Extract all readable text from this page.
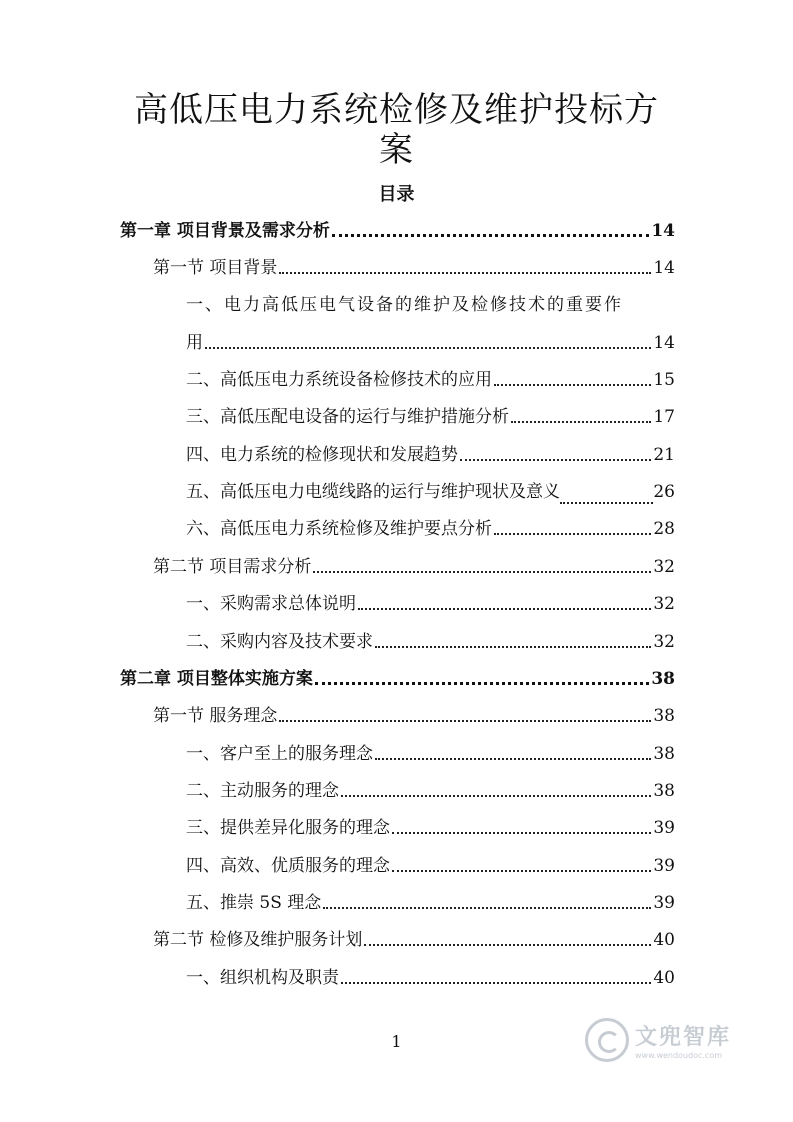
高低压电力系统检修及维护投标方
案
目录
第一章 项目背景及需求分析	14
第一节 项目背景	14
一、电力高低压电气设备的维护及检修技术的重要作
用	14
二、高低压电力系统设备检修技术的应用	15
三、高低压配电设备的运行与维护措施分析	17
四、电力系统的检修现状和发展趋势	21
五、高低压电力电缆线路的运行与维护现状及意义	26
六、高低压电力系统检修及维护要点分析	28
第二节 项目需求分析	32
一、采购需求总体说明	32
二、采购内容及技术要求	32
第二章 项目整体实施方案	38
第一节 服务理念	38
一、客户至上的服务理念	38
二、主动服务的理念	38
三、提供差异化服务的理念	39
四、高效、优质服务的理念	39
五、推崇 5S 理念	39
第二节 检修及维护服务计划	40
一、组织机构及职责	40
1	文兜智库
www.wendoudoc.com
